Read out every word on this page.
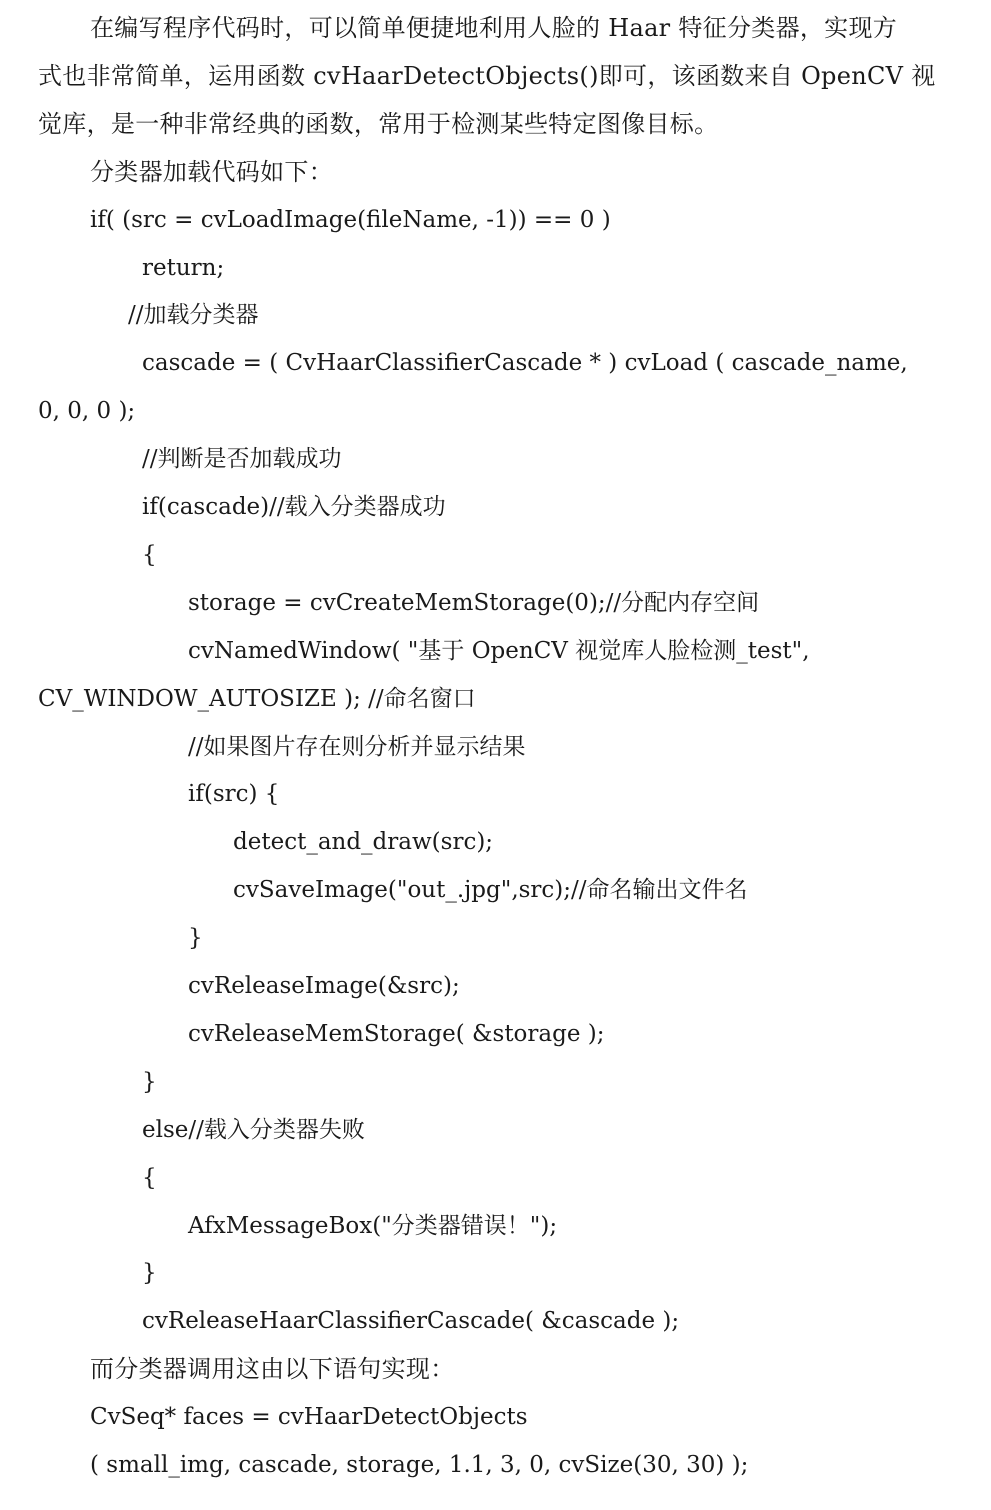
在编写程序代码时，可以简单便捷地利用人脸的 Haar 特征分类器，实现方
式也非常简单，运用函数 cvHaarDetectObjects()即可，该函数来自 OpenCV 视
觉库，是一种非常经典的函数，常用于检测某些特定图像目标。
分类器加载代码如下：
if( (src = cvLoadImage(fileName, -1)) == 0 )
return;
//加载分类器
cascade = ( CvHaarClassifierCascade * ) cvLoad ( cascade_name,
0, 0, 0 );
//判断是否加载成功
if(cascade)//载入分类器成功
{
storage = cvCreateMemStorage(0);//分配内存空间
cvNamedWindow( "基于 OpenCV 视觉库人脸检测_test",
CV_WINDOW_AUTOSIZE ); //命名窗口
//如果图片存在则分析并显示结果
if(src) {
detect_and_draw(src);
cvSaveImage("out_.jpg",src);//命名输出文件名
}
cvReleaseImage(&src);
cvReleaseMemStorage( &storage );
}
else//载入分类器失败
{
AfxMessageBox("分类器错误！");
}
cvReleaseHaarClassifierCascade( &cascade );
而分类器调用这由以下语句实现：
CvSeq* faces = cvHaarDetectObjects
( small_img, cascade, storage, 1.1, 3, 0, cvSize(30, 30) );
